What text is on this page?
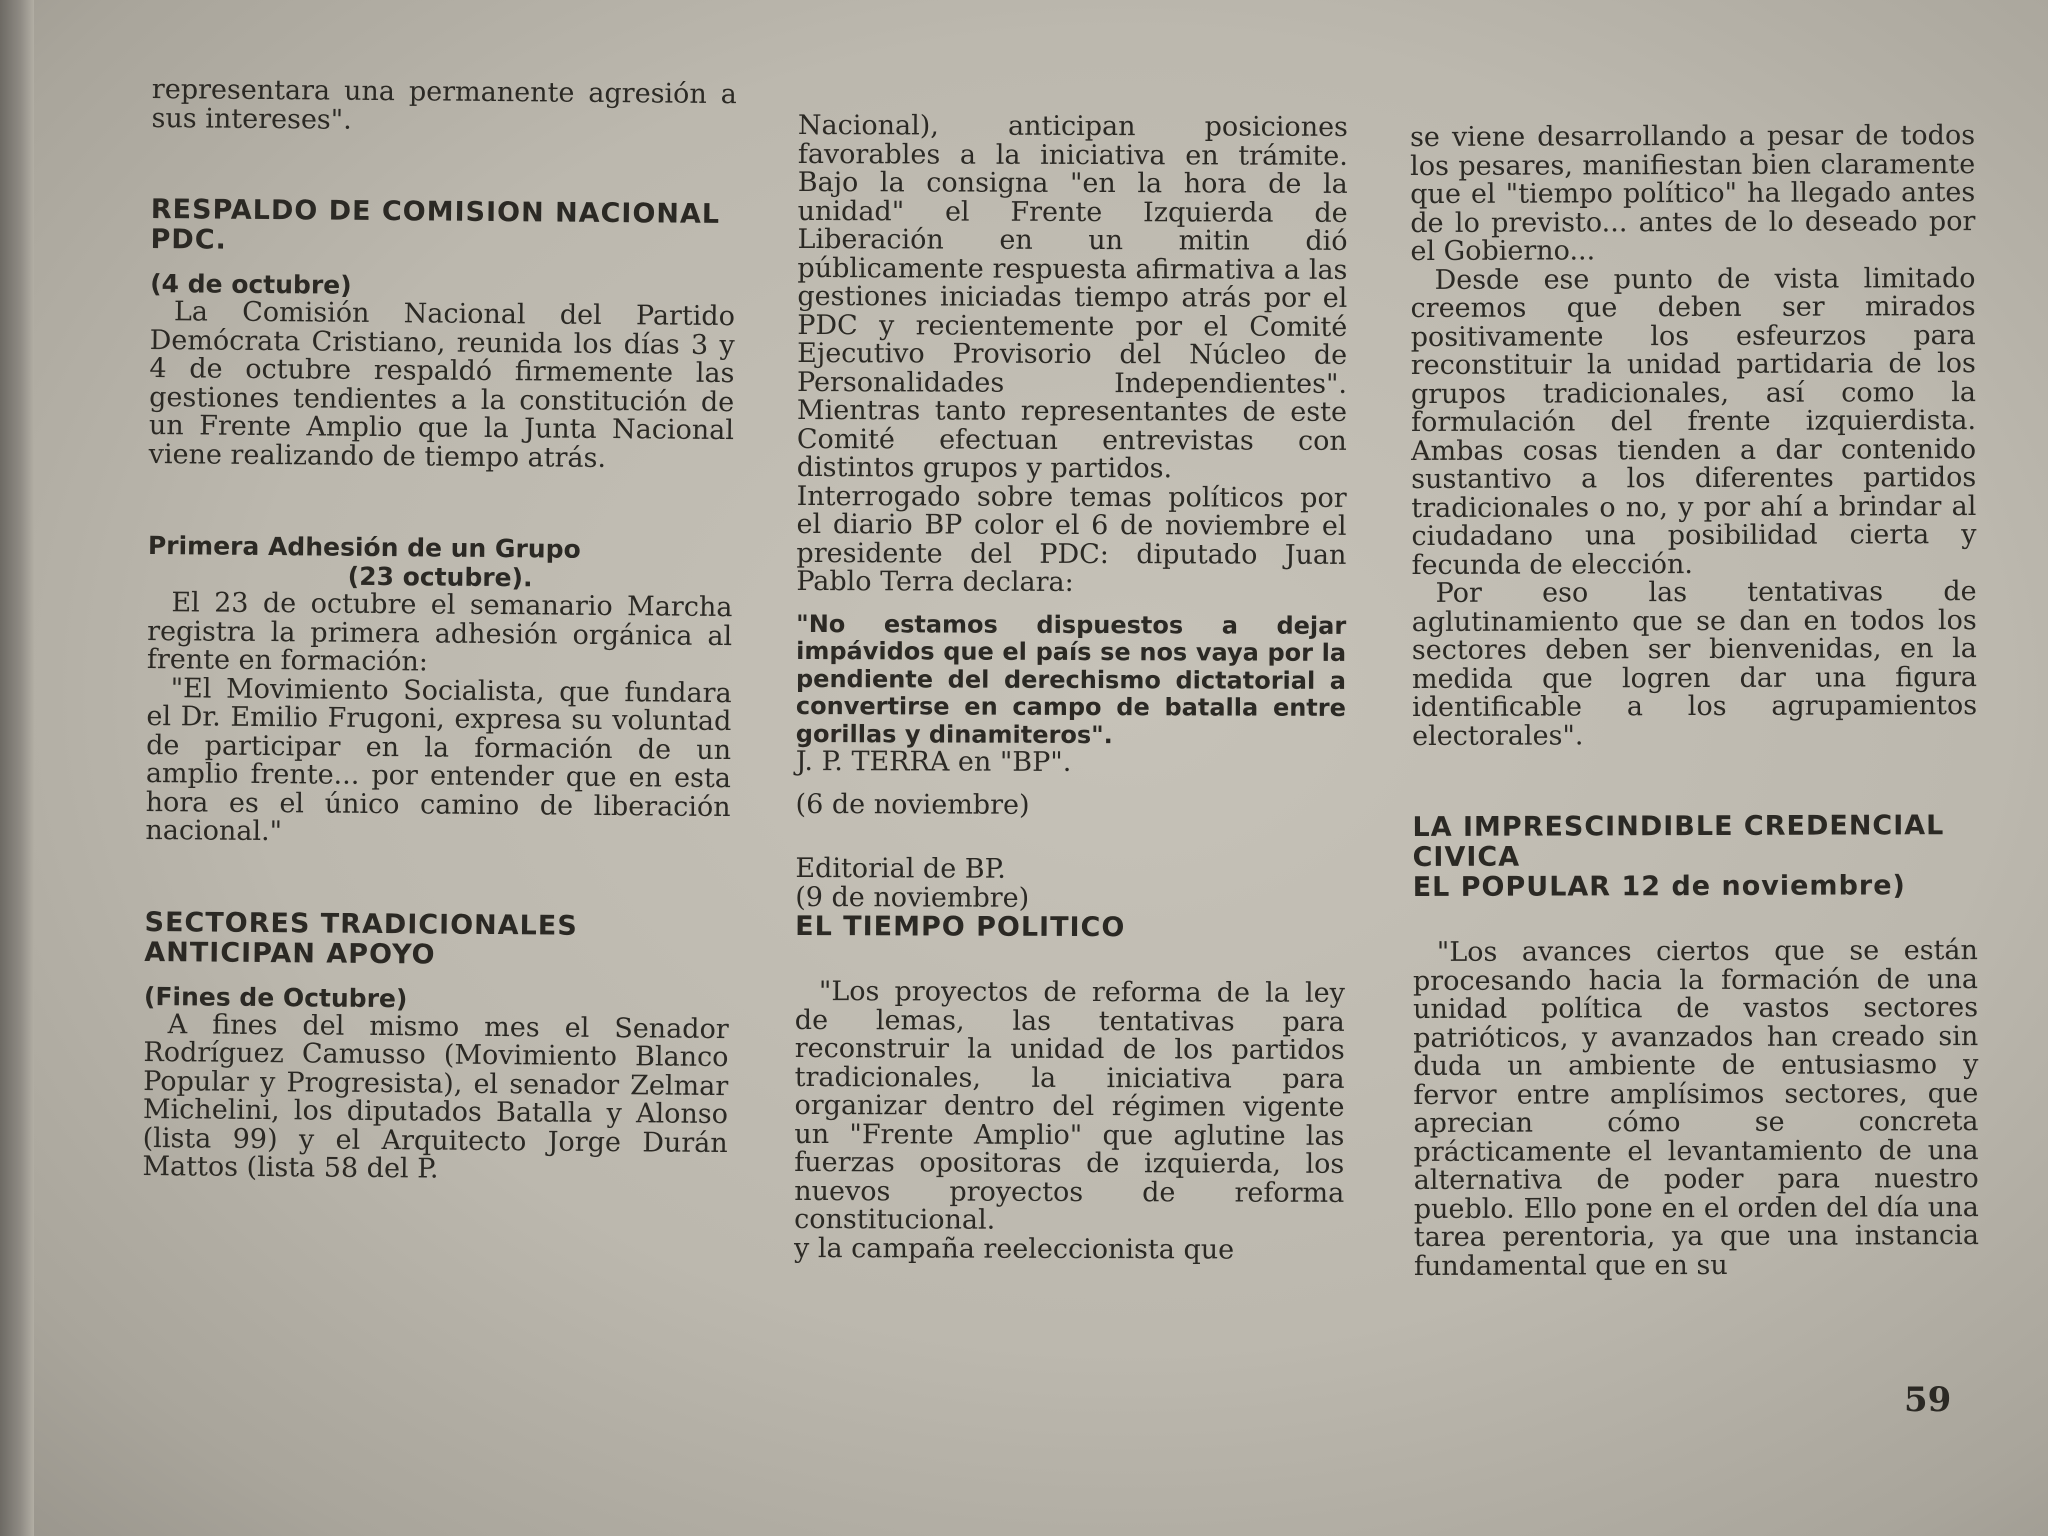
representara una permanente agresión a sus intereses".

RESPALDO DE COMISION NACIONAL PDC.

(4 de octubre)

La Comisión Nacional del Partido Demócrata Cristiano, reunida los días 3 y 4 de octubre respaldó firmemente las gestiones tendientes a la constitución de un Frente Amplio que la Junta Nacional viene realizando de tiempo atrás.

Primera Adhesión de un Grupo

(23 octubre).

El 23 de octubre el semanario Marcha registra la primera adhesión orgánica al frente en formación:

"El Movimiento Socialista, que fundara el Dr. Emilio Frugoni, expresa su voluntad de participar en la formación de un amplio frente... por entender que en esta hora es el único camino de liberación nacional."

SECTORES TRADICIONALES ANTICIPAN APOYO

(Fines de Octubre)

A fines del mismo mes el Senador Rodríguez Camusso (Movimiento Blanco Popular y Progresista), el senador Zelmar Michelini, los diputados Batalla y Alonso (lista 99) y el Arquitecto Jorge Durán Mattos (lista 58 del P.

Nacional), anticipan posiciones favorables a la iniciativa en trámite. Bajo la consigna "en la hora de la unidad" el Frente Izquierda de Liberación en un mitin dió públicamente respuesta afirmativa a las gestiones iniciadas tiempo atrás por el PDC y recientemente por el Comité Ejecutivo Provisorio del Núcleo de Personalidades Independientes". Mientras tanto representantes de este Comité efectuan entrevistas con distintos grupos y partidos.

Interrogado sobre temas políticos por el diario BP color el 6 de noviembre el presidente del PDC: diputado Juan Pablo Terra declara:

"No estamos dispuestos a dejar impávidos que el país se nos vaya por la pendiente del derechismo dictatorial a convertirse en campo de batalla entre gorillas y dinamiteros".

J. P. TERRA en "BP".

(6 de noviembre)

Editorial de BP.

(9 de noviembre)

EL TIEMPO POLITICO

"Los proyectos de reforma de la ley de lemas, las tentativas para reconstruir la unidad de los partidos tradicionales, la iniciativa para organizar dentro del régimen vigente un "Frente Amplio" que aglutine las fuerzas opositoras de izquierda, los nuevos proyectos de reforma constitucional.

y la campaña reeleccionista que

se viene desarrollando a pesar de todos los pesares, manifiestan bien claramente que el "tiempo político" ha llegado antes de lo previsto... antes de lo deseado por el Gobierno...

Desde ese punto de vista limitado creemos que deben ser mirados positivamente los esfeurzos para reconstituir la unidad partidaria de los grupos tradicionales, así como la formulación del frente izquierdista. Ambas cosas tienden a dar contenido sustantivo a los diferentes partidos tradicionales o no, y por ahí a brindar al ciudadano una posibilidad cierta y fecunda de elección.

Por eso las tentativas de aglutinamiento que se dan en todos los sectores deben ser bienvenidas, en la medida que logren dar una figura identificable a los agrupamientos electorales".

LA IMPRESCINDIBLE CREDENCIAL CIVICA

EL POPULAR 12 de noviembre)

"Los avances ciertos que se están procesando hacia la formación de una unidad política de vastos sectores patrióticos, y avanzados han creado sin duda un ambiente de entusiasmo y fervor entre amplísimos sectores, que aprecian cómo se concreta prácticamente el levantamiento de una alternativa de poder para nuestro pueblo. Ello pone en el orden del día una tarea perentoria, ya que una instancia fundamental que en su

59
